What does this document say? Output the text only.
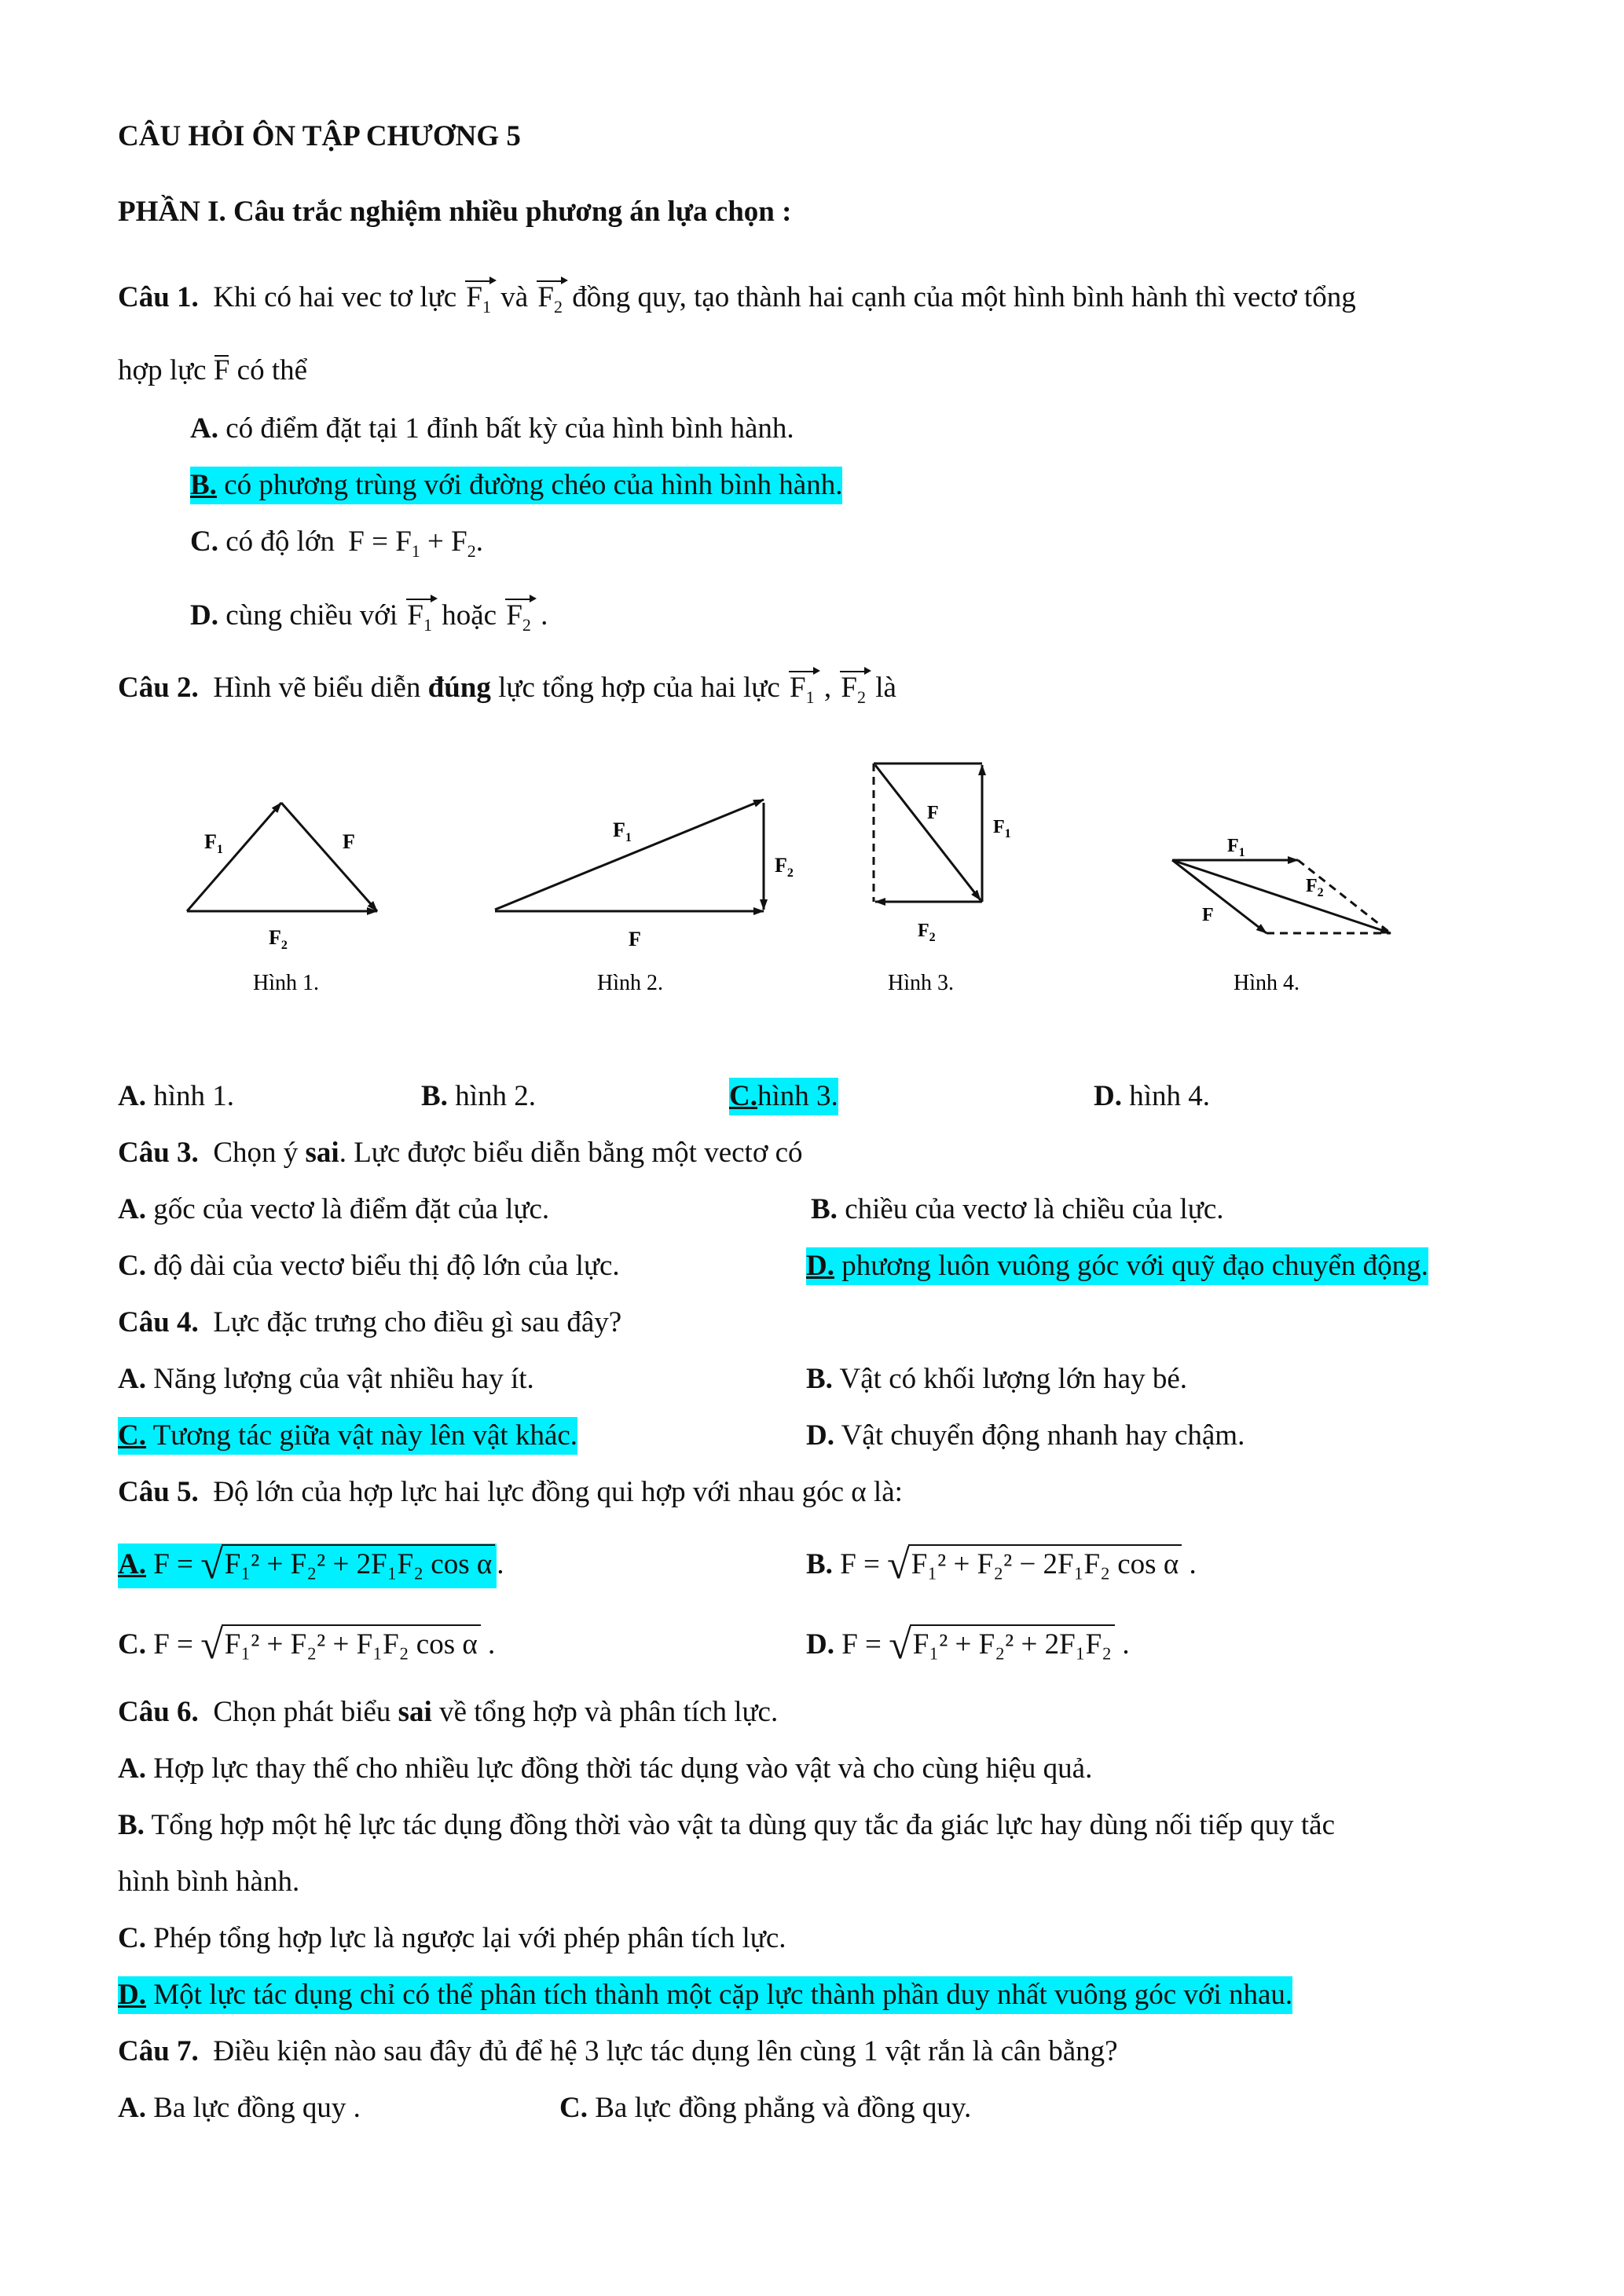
CÂU HỎI ÔN TẬP CHƯƠNG 5
PHẦN I. Câu trắc nghiệm nhiều phương án lựa chọn :
Câu 1. Khi có hai vec tơ lực $F_1$ và $F_2$ đồng quy, tạo thành hai cạnh của một hình bình hành thì vectơ tổng
hợp lực F có thể
A. có điểm đặt tại 1 đỉnh bất kỳ của hình bình hành.
B. có phương trùng với đường chéo của hình bình hành.
C. có độ lớn $F = F_1 + F_2$.
D. cùng chiều với $F_1$ hoặc $F_2$ .
Câu 2. Hình vẽ biểu diễn đúng lực tổng hợp của hai lực $F_1$ , $F_2$ là
$F_1$	F
$F_2$
Hình 1.
$F_1$
$F_2$
F
Hình 2.
F
$F_1$
$F_2$
Hình 3.
$F_1$
$F_2$
F
Hình 4.
A. hình 1.	B. hình 2.	C.hình 3.	D. hình 4.
Câu 3. Chọn ý sai. Lực được biểu diễn bằng một vectơ có
A. gốc của vectơ là điểm đặt của lực.	B. chiều của vectơ là chiều của lực.
C. độ dài của vectơ biểu thị độ lớn của lực.	D. phương luôn vuông góc với quỹ đạo chuyển động.
Câu 4. Lực đặc trưng cho điều gì sau đây?
A. Năng lượng của vật nhiều hay ít.	B. Vật có khối lượng lớn hay bé.
C. Tương tác giữa vật này lên vật khác.	D. Vật chuyển động nhanh hay chậm.
Câu 5. Độ lớn của hợp lực hai lực đồng qui hợp với nhau góc α là:
A. F = √F₁² + F₂² + 2F₁F₂ cos α .	B. F = √F₁² + F₂² − 2F₁F₂ cos α .
C. F = √F₁² + F₂² + F₁F₂ cos α .	D. F = √F₁² + F₂² + 2F₁F₂ .
Câu 6. Chọn phát biểu sai về tổng hợp và phân tích lực.
A. Hợp lực thay thế cho nhiều lực đồng thời tác dụng vào vật và cho cùng hiệu quả.
B. Tổng hợp một hệ lực tác dụng đồng thời vào vật ta dùng quy tắc đa giác lực hay dùng nối tiếp quy tắc
hình bình hành.
C. Phép tổng hợp lực là ngược lại với phép phân tích lực.
D. Một lực tác dụng chỉ có thể phân tích thành một cặp lực thành phần duy nhất vuông góc với nhau.
Câu 7. Điều kiện nào sau đây đủ để hệ 3 lực tác dụng lên cùng 1 vật rắn là cân bằng?
A. Ba lực đồng quy .	C. Ba lực đồng phẳng và đồng quy.
